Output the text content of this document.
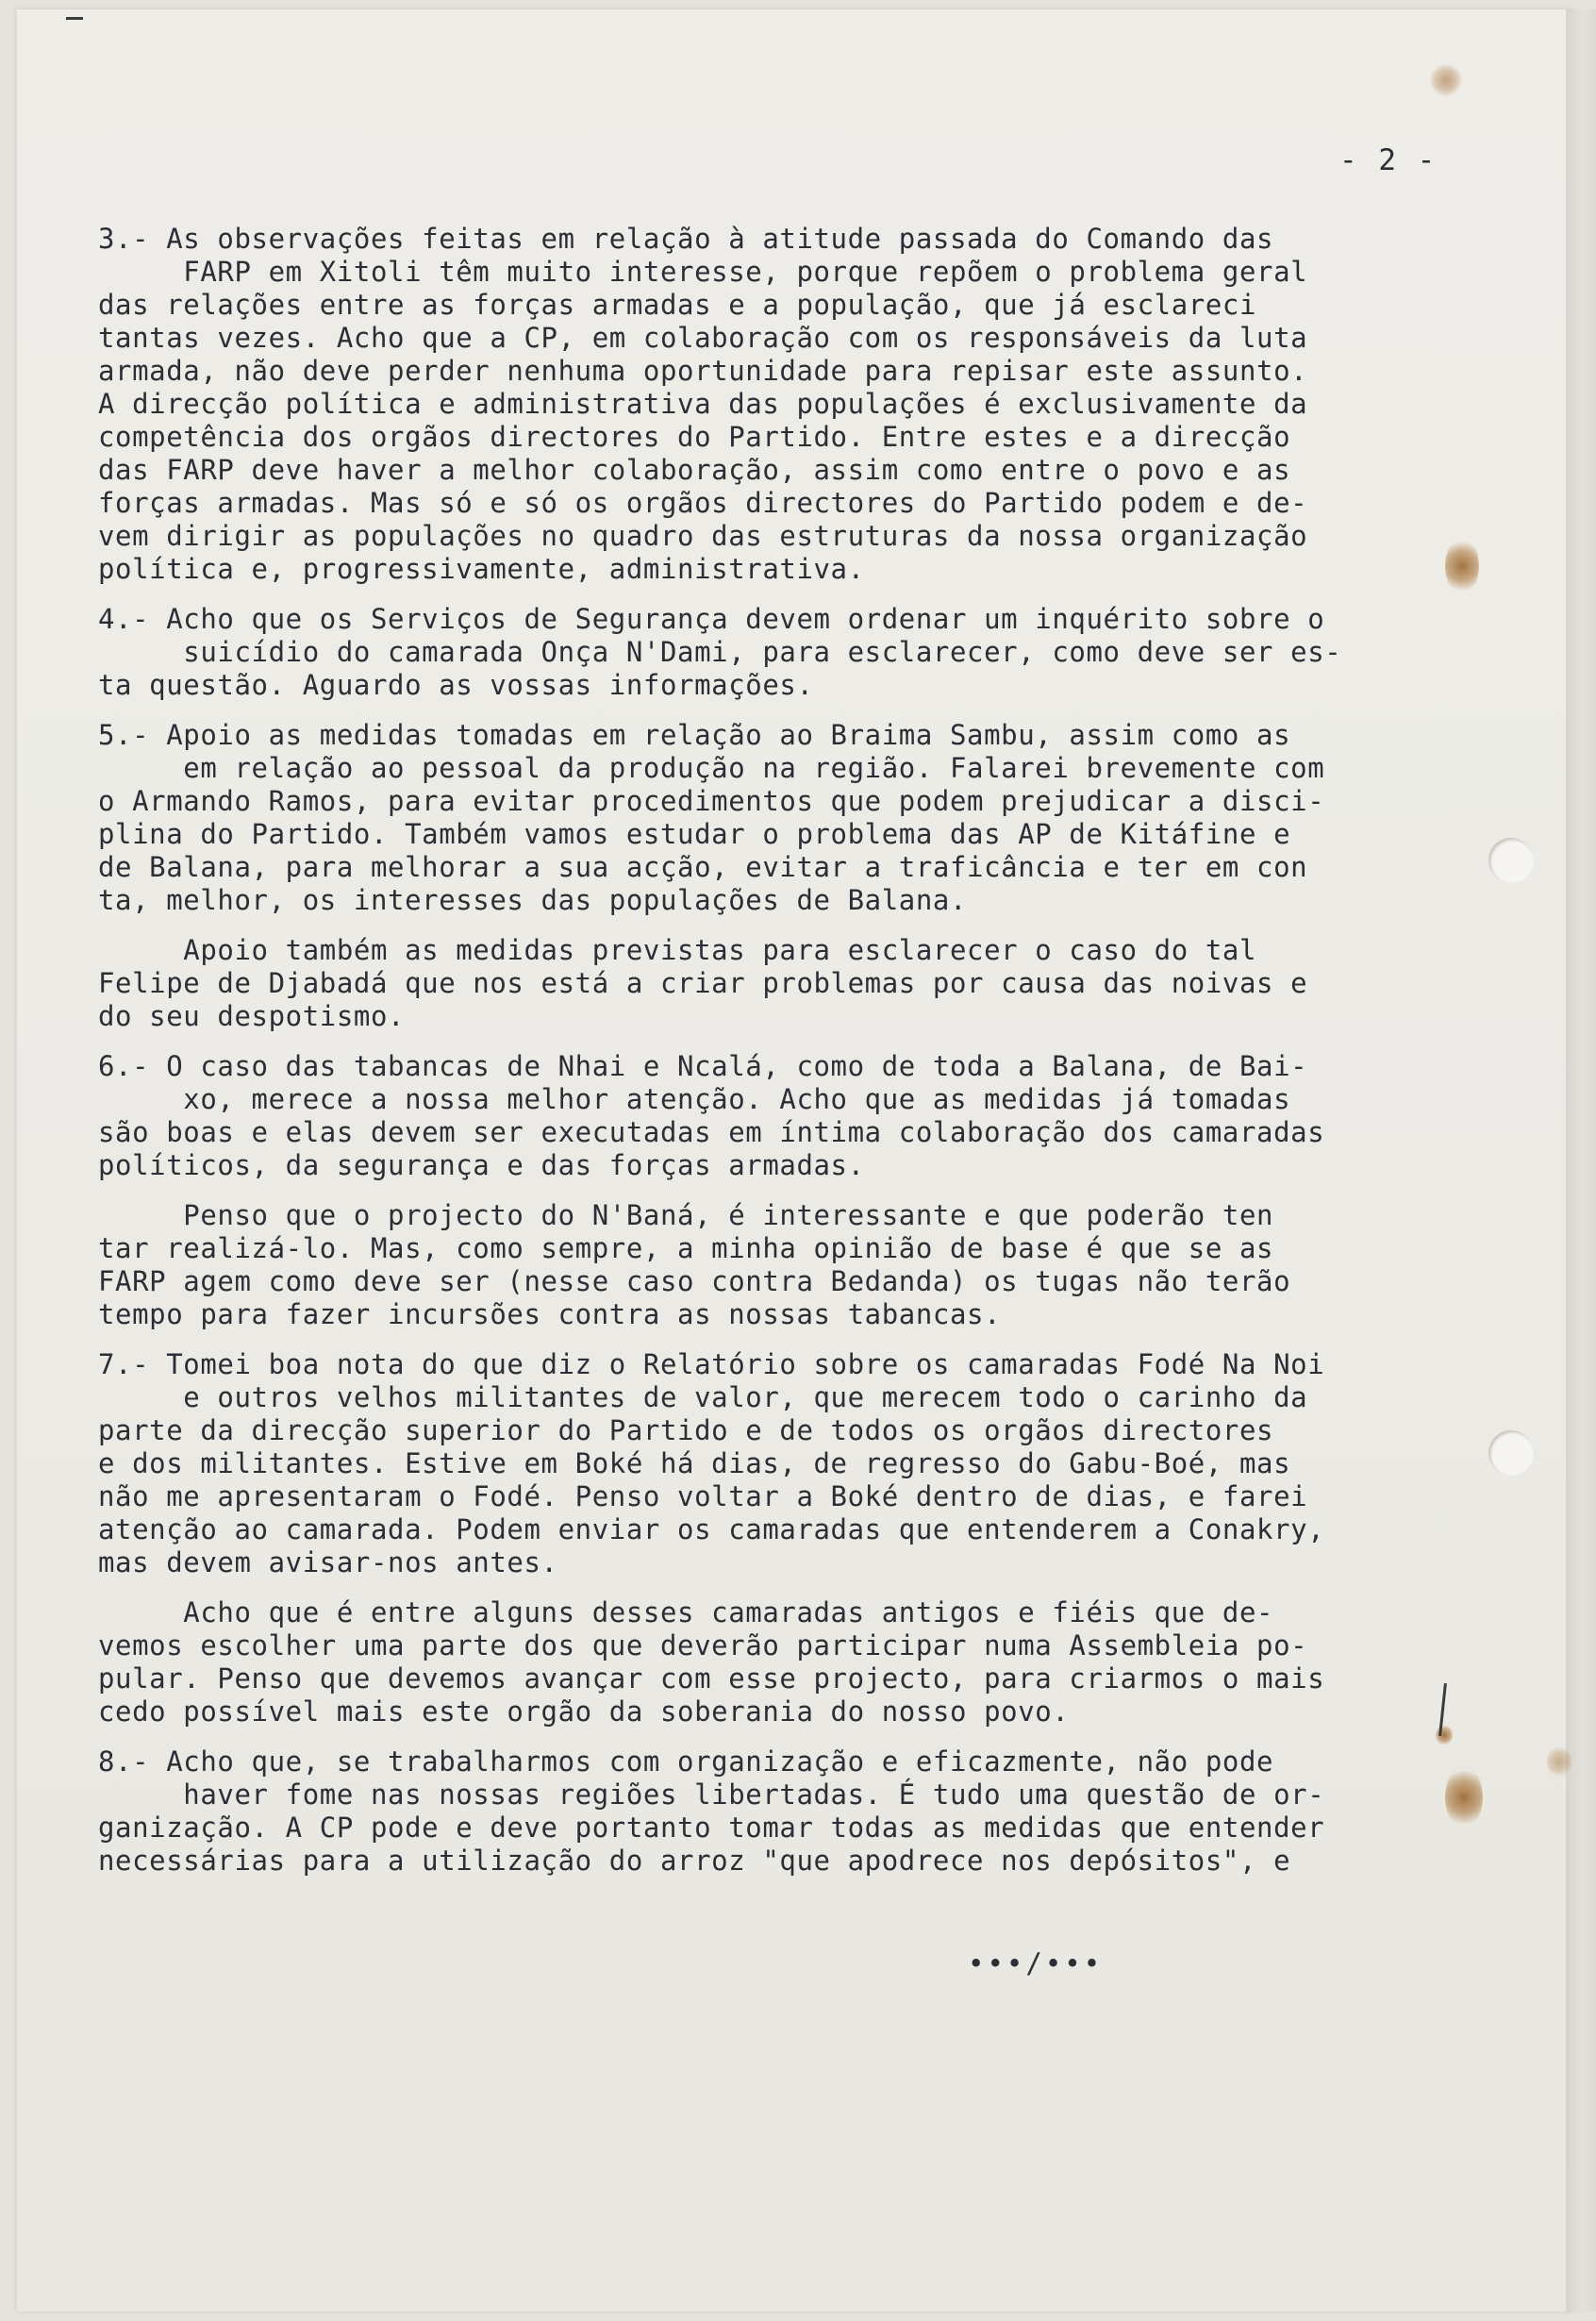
- 2 -
3.- As observações feitas em relação à atitude passada do Comando das
FARP em Xitoli têm muito interesse, porque repõem o problema geral
das relações entre as forças armadas e a população, que já esclareci
tantas vezes. Acho que a CP, em colaboração com os responsáveis da luta
armada, não deve perder nenhuma oportunidade para repisar este assunto.
A direcção política e administrativa das populações é exclusivamente da
competência dos orgãos directores do Partido. Entre estes e a direcção
das FARP deve haver a melhor colaboração, assim como entre o povo e as
forças armadas. Mas só e só os orgãos directores do Partido podem e de-
vem dirigir as populações no quadro das estruturas da nossa organização
política e, progressivamente, administrativa.
4.- Acho que os Serviços de Segurança devem ordenar um inquérito sobre o
suicídio do camarada Onça N'Dami, para esclarecer, como deve ser es-
ta questão. Aguardo as vossas informações.
5.- Apoio as medidas tomadas em relação ao Braima Sambu, assim como as
em relação ao pessoal da produção na região. Falarei brevemente com
o Armando Ramos, para evitar procedimentos que podem prejudicar a disci-
plina do Partido. Também vamos estudar o problema das AP de Kitáfine e
de Balana, para melhorar a sua acção, evitar a traficância e ter em con
ta, melhor, os interesses das populações de Balana.
Apoio também as medidas previstas para esclarecer o caso do tal
Felipe de Djabadá que nos está a criar problemas por causa das noivas e
do seu despotismo.
6.- O caso das tabancas de Nhai e Ncalá, como de toda a Balana, de Bai-
xo, merece a nossa melhor atenção. Acho que as medidas já tomadas
são boas e elas devem ser executadas em íntima colaboração dos camaradas
políticos, da segurança e das forças armadas.
Penso que o projecto do N'Baná, é interessante e que poderão ten
tar realizá-lo. Mas, como sempre, a minha opinião de base é que se as
FARP agem como deve ser (nesse caso contra Bedanda) os tugas não terão
tempo para fazer incursões contra as nossas tabancas.
7.- Tomei boa nota do que diz o Relatório sobre os camaradas Fodé Na Noi
e outros velhos militantes de valor, que merecem todo o carinho da
parte da direcção superior do Partido e de todos os orgãos directores
e dos militantes. Estive em Boké há dias, de regresso do Gabu-Boé, mas
não me apresentaram o Fodé. Penso voltar a Boké dentro de dias, e farei
atenção ao camarada. Podem enviar os camaradas que entenderem a Conakry,
mas devem avisar-nos antes.
Acho que é entre alguns desses camaradas antigos e fiéis que de-
vemos escolher uma parte dos que deverão participar numa Assembleia po-
pular. Penso que devemos avançar com esse projecto, para criarmos o mais
cedo possível mais este orgão da soberania do nosso povo.
8.- Acho que, se trabalharmos com organização e eficazmente, não pode
haver fome nas nossas regiões libertadas. É tudo uma questão de or-
ganização. A CP pode e deve portanto tomar todas as medidas que entender
necessárias para a utilização do arroz "que apodrece nos depósitos", e
•••/•••
